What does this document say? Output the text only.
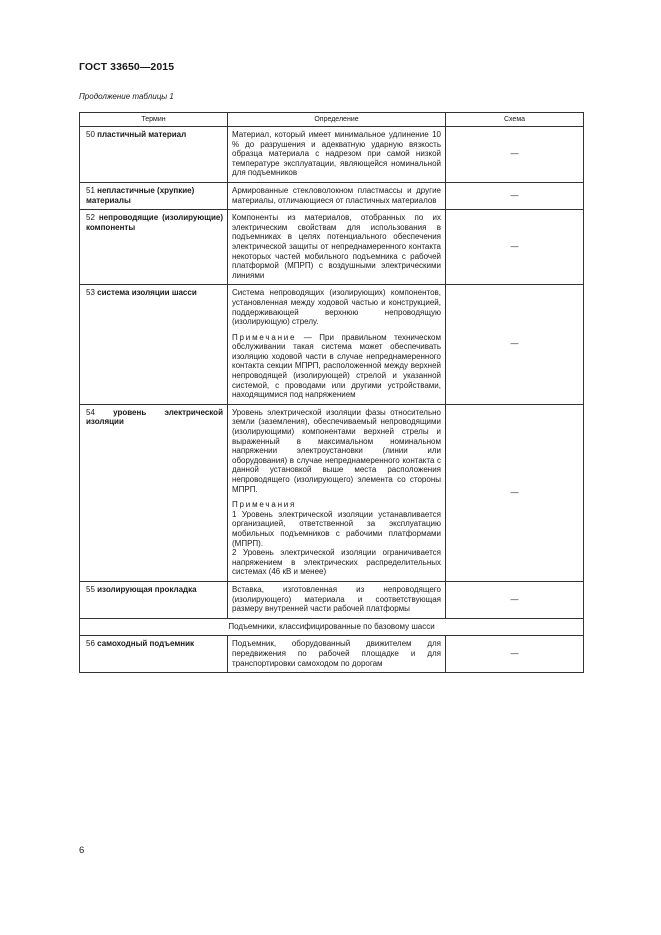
ГОСТ 33650—2015
Продолжение таблицы 1
Термин	Определение	Схема
50 пластичный материал	Материал, который имеет минимальное удлинение 10 % до разрушения и адекватную ударную вязкость образца материала с надрезом при самой низкой температуре эксплуатации, являющейся номинальной для подъемников	—
51 непластичные (хрупкие) материалы	Армированные стекловолокном пластмассы и другие материалы, отличающиеся от пластичных материалов	—
52 непроводящие (изолирующие) компоненты	Компоненты из материалов, отобранных по их электрическим свойствам для использования в подъемниках в целях потенциального обеспечения электрической защиты от непреднамеренного контакта некоторых частей мобильного подъемника с рабочей платформой (МПРП) с воздушными электрическими линиями	—
53 система изоляции шасси	Система непроводящих (изолирующих) компонентов, установленная между ходовой частью и конструкцией, поддерживающей верхнюю непроводящую (изолирующую) стрелу.
Примечание — При правильном техническом обслуживании такая система может обеспечивать изоляцию ходовой части в случае непреднамеренного контакта секции МПРП, расположенной между верхней непроводящей (изолирующей) стрелой и указанной системой, с проводами или другими устройствами, находящимися под напряжением	—
54 уровень электрической изоляции	Уровень электрической изоляции фазы относительно земли (заземления), обеспечиваемый непроводящими (изолирующими) компонентами верхней стрелы и выраженный в максимальном номинальном напряжении электроустановки (линии или оборудования) в случае непреднамеренного контакта с данной установкой выше места расположения непроводящего (изолирующего) элемента со стороны МПРП.
Примечания
1 Уровень электрической изоляции устанавливается организацией, ответственной за эксплуатацию мобильных подъемников с рабочими платформами (МПРП).
2 Уровень электрической изоляции ограничивается напряжением в электрических распределительных системах (46 кВ и менее)	—
55 изолирующая прокладка	Вставка, изготовленная из непроводящего (изолирующего) материала и соответствующая размеру внутренней части рабочей платформы	—
Подъемники, классифицированные по базовому шасси		
56 самоходный подъемник	Подъемник, оборудованный движителем для передвижения по рабочей площадке и для транспортировки самоходом по дорогам	—
6
